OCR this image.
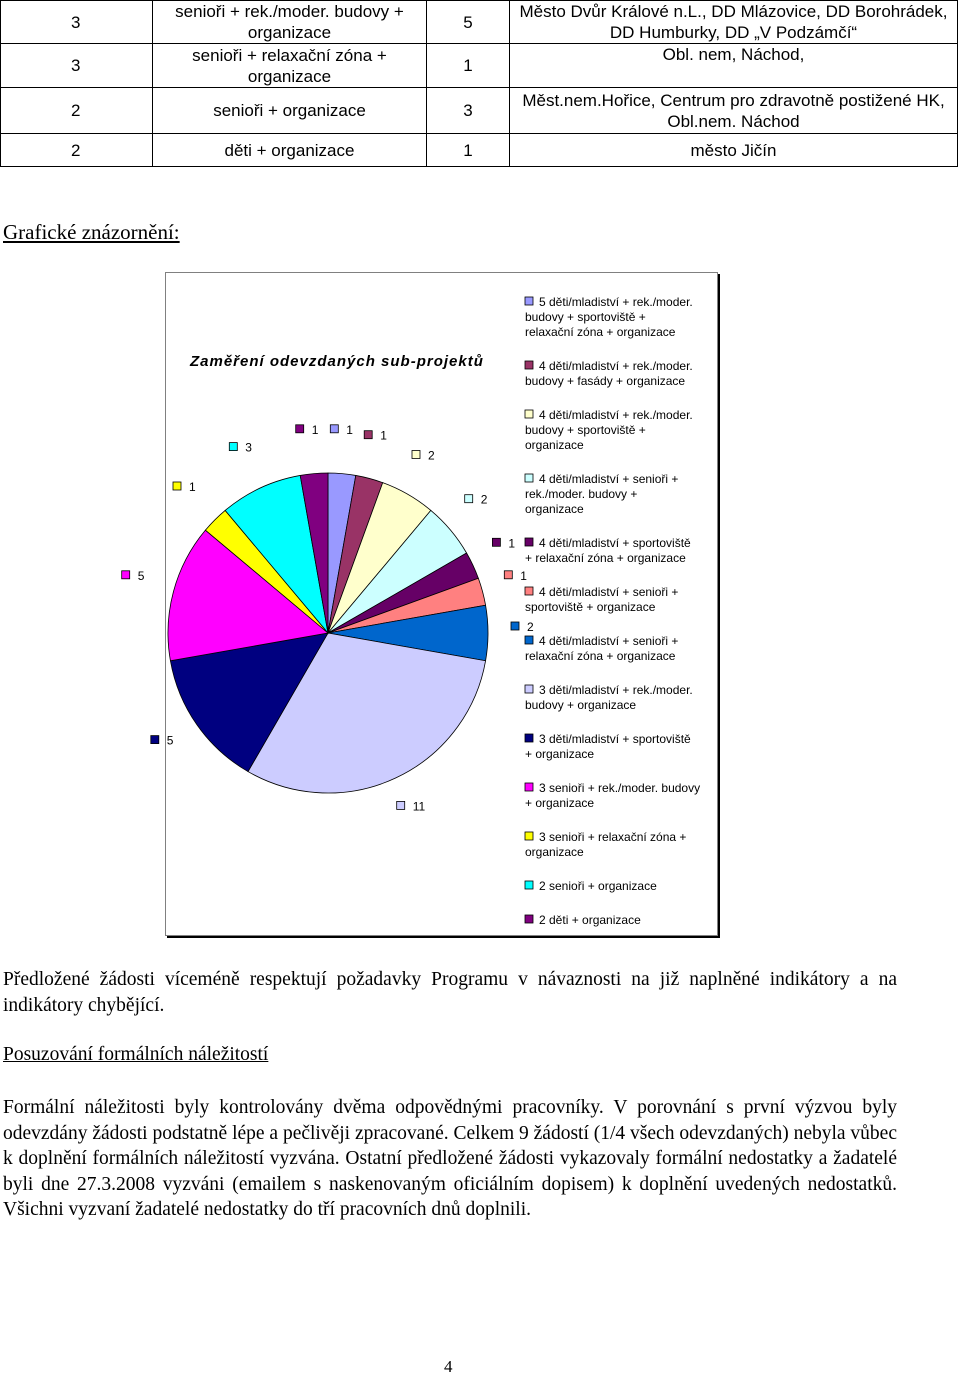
3	senioři + rek./moder. budovy + organizace	5	Město Dvůr Králové n.L., DD Mlázovice, DD Borohrádek, DD Humburky, DD „V Podzámčí“
3	senioři + relaxační zóna + organizace	1	Obl. nem, Náchod,
2	senioři + organizace	3	Měst.nem.Hořice, Centrum pro zdravotně postižené HK, Obl.nem. Náchod
2	děti + organizace	1	město Jičín
Grafické znázornění:
1 1
2
2
1
1
2
11
5
5
1
3
1
5 děti/mladiství + rek./moder. budovy + sportoviště + relaxační zóna + organizace
4 děti/mladiství + rek./moder. budovy + fasády + organizace
4 děti/mladiství + rek./moder. budovy + sportoviště + organizace
4 děti/mladiství + senioři + rek./moder. budovy + organizace
4 děti/mladiství + sportoviště + relaxační zóna + organizace
4 děti/mladiství + senioři + sportoviště + organizace
4 děti/mladiství + senioři + relaxační zóna + organizace
3 děti/mladiství + rek./moder. budovy + organizace
3 děti/mladiství + sportoviště + organizace
3 senioři + rek./moder. budovy + organizace
3 senioři + relaxační zóna + organizace
2 senioři + organizace
2 děti + organizace
Zaměření odevzdaných sub-projektů
Předložené žádosti víceméně respektují požadavky Programu v návaznosti na již naplněné indikátory a na indikátory chybějící.
Posuzování formálních náležitostí
Formální náležitosti byly kontrolovány dvěma odpovědnými pracovníky. V porovnání s první výzvou byly odevzdány žádosti podstatně lépe a pečlivěji zpracované. Celkem 9 žádostí (1/4 všech odevzdaných) nebyla vůbec k doplnění formálních náležitostí vyzvána. Ostatní předložené žádosti vykazovaly formální nedostatky a žadatelé byli dne 27.3.2008 vyzváni (emailem s naskenovaným oficiálním dopisem) k doplnění uvedených nedostatků. Všichni vyzvaní žadatelé nedostatky do tří pracovních dnů doplnili.
4
